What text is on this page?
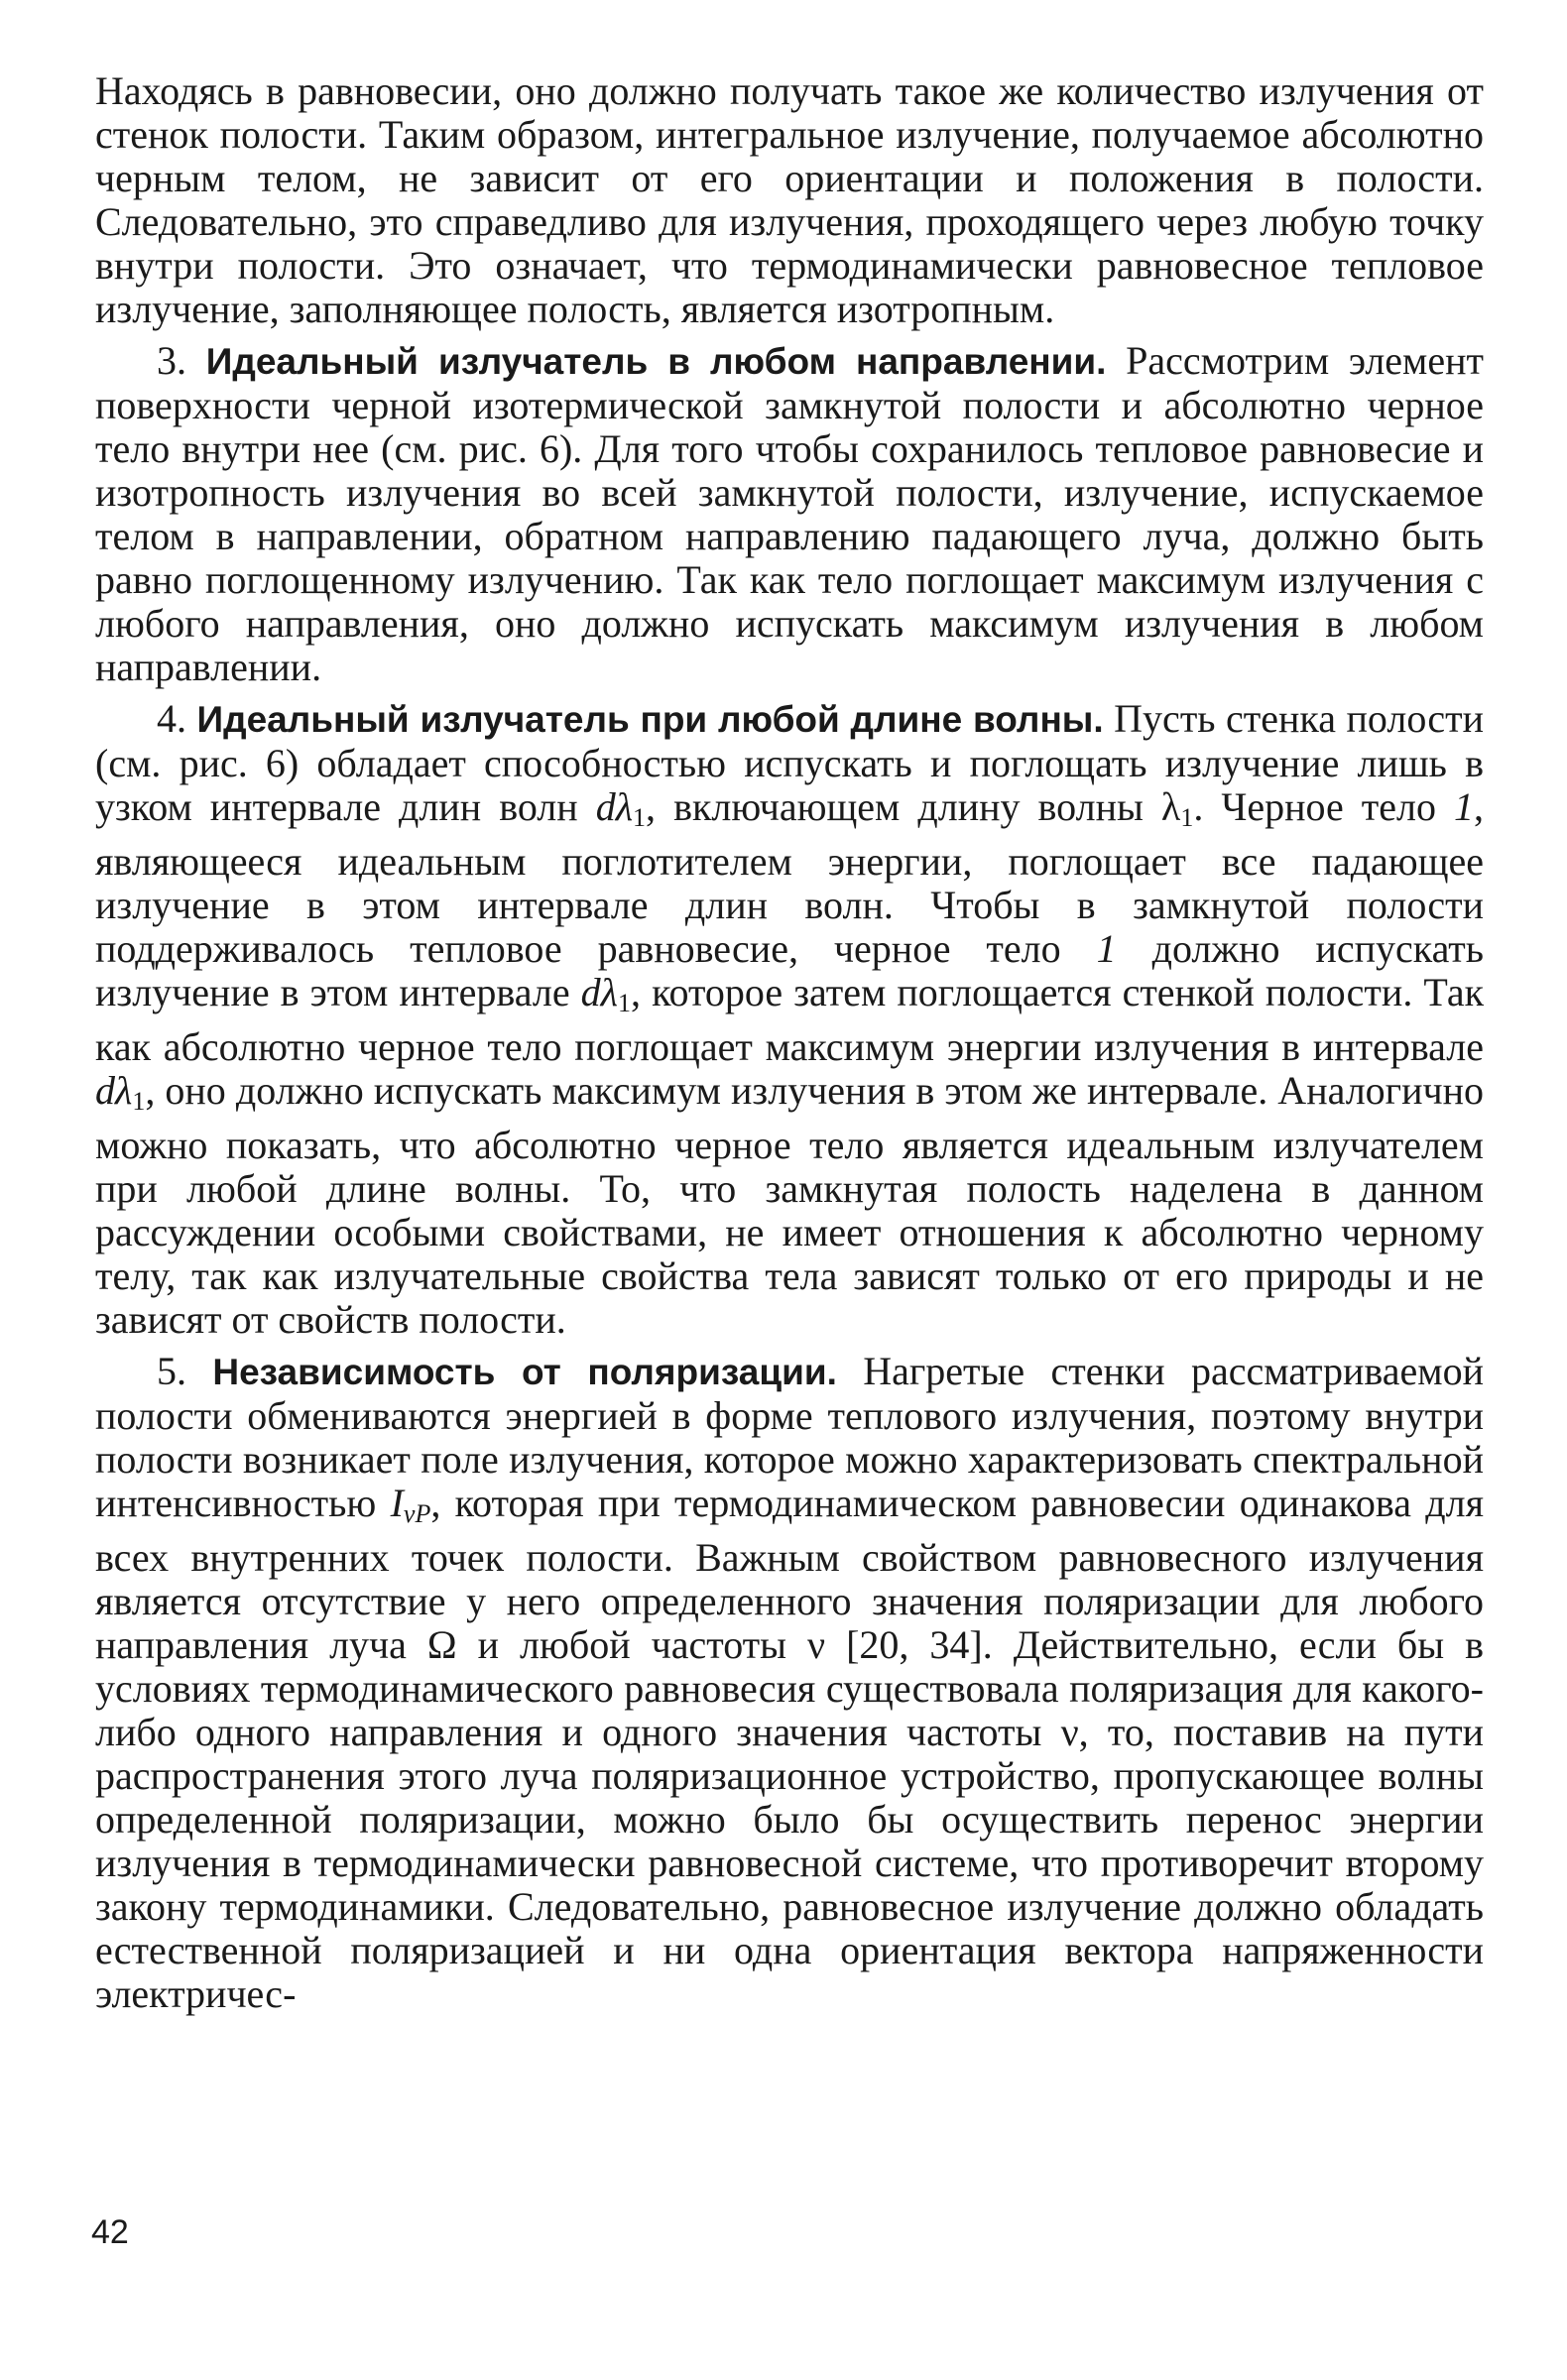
Находясь в равновесии, оно должно получать такое же количество излучения от стенок полости. Таким образом, интегральное излучение, получаемое абсолютно черным телом, не зависит от его ориентации и положения в полости. Следовательно, это справедливо для излучения, проходящего через любую точку внутри полости. Это означает, что термодинамически равновесное тепловое излучение, заполняющее полость, является изотропным.

3. Идеальный излучатель в любом направлении. Рассмотрим элемент поверхности черной изотермической замкнутой полости и абсолютно черное тело внутри нее (см. рис. 6). Для того чтобы сохранилось тепловое равновесие и изотропность излучения во всей замкнутой полости, излучение, испускаемое телом в направлении, обратном направлению падающего луча, должно быть равно поглощенному излучению. Так как тело поглощает максимум излучения с любого направления, оно должно испускать максимум излучения в любом направлении.

4. Идеальный излучатель при любой длине волны. Пусть стенка полости (см. рис. 6) обладает способностью испускать и поглощать излучение лишь в узком интервале длин волн $d\lambda_1$, включающем длину волны $\lambda_1$. Черное тело 1, являющееся идеальным поглотителем энергии, поглощает все падающее излучение в этом интервале длин волн. Чтобы в замкнутой полости поддерживалось тепловое равновесие, черное тело 1 должно испускать излучение в этом интервале $d\lambda_1$, которое затем поглощается стенкой полости. Так как абсолютно черное тело поглощает максимум энергии излучения в интервале $d\lambda_1$, оно должно испускать максимум излучения в этом же интервале. Аналогично можно показать, что абсолютно черное тело является идеальным излучателем при любой длине волны. То, что замкнутая полость наделена в данном рассуждении особыми свойствами, не имеет отношения к абсолютно черному телу, так как излучательные свойства тела зависят только от его природы и не зависят от свойств полости.

5. Независимость от поляризации. Нагретые стенки рассматриваемой полости обмениваются энергией в форме теплового излучения, поэтому внутри полости возникает поле излучения, которое можно характеризовать спектральной интенсивностью $I_{\nu P}$, которая при термодинамическом равновесии одинакова для всех внутренних точек полости. Важным свойством равновесного излучения является отсутствие у него определенного значения поляризации для любого направления луча Ω и любой частоты ν [20, 34]. Действительно, если бы в условиях термодинамического равновесия существовала поляризация для какого-либо одного направления и одного значения частоты ν, то, поставив на пути распространения этого луча поляризационное устройство, пропускающее волны определенной поляризации, можно было бы осуществить перенос энергии излучения в термодинамически равновесной системе, что противоречит второму закону термодинамики. Следовательно, равновесное излучение должно обладать естественной поляризацией и ни одна ориентация вектора напряженности электричес-

42
